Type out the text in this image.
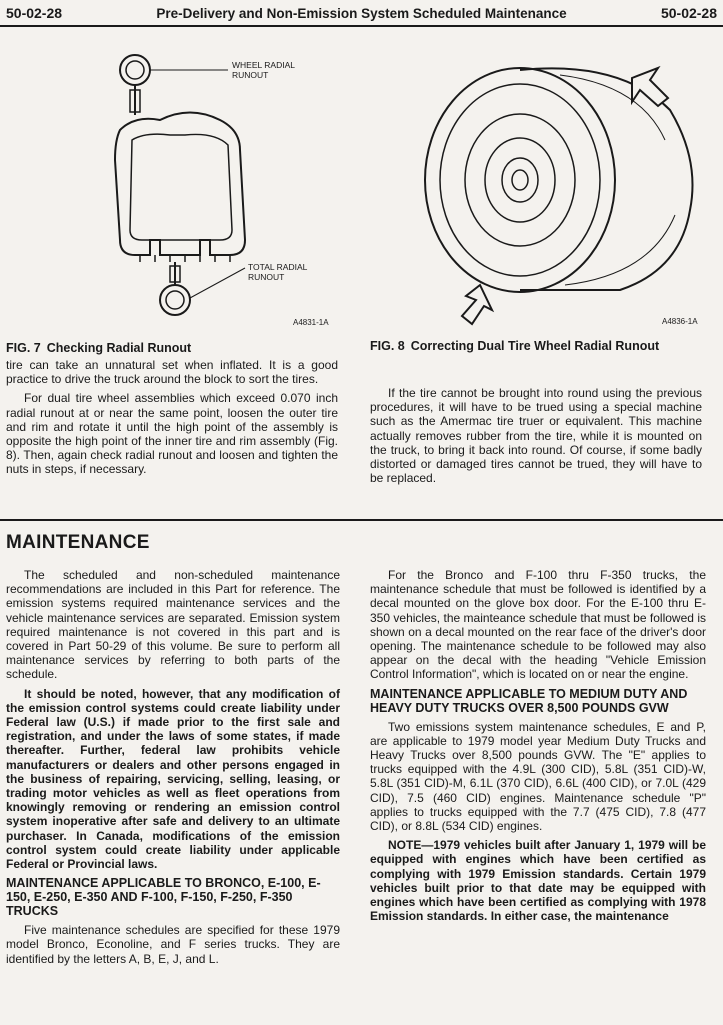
50-02-28	Pre-Delivery and Non-Emission System Scheduled Maintenance	50-02-28
WHEEL RADIAL
RUNOUT
TOTAL RADIAL
RUNOUT
A4831-1A	A4836-1A
FIG. 7 Checking Radial Runout	FIG. 8 Correcting Dual Tire Wheel Radial Runout

tire can take an unnatural set when inflated. It is a good practice to drive the truck around the block to sort the tires.

For dual tire wheel assemblies which exceed 0.070 inch radial runout at or near the same point, loosen the outer tire and rim and rotate it until the high point of the assembly is opposite the high point of the inner tire and rim assembly (Fig. 8). Then, again check radial runout and loosen and tighten the nuts in steps, if necessary.

If the tire cannot be brought into round using the previous procedures, it will have to be trued using a special machine such as the Amermac tire truer or equivalent. This machine actually removes rubber from the tire, while it is mounted on the truck, to bring it back into round. Of course, if some badly distorted or damaged tires cannot be trued, they will have to be replaced.

MAINTENANCE

The scheduled and non-scheduled maintenance recommendations are included in this Part for reference. The emission systems required maintenance services and the vehicle maintenance services are separated. Emission system required maintenance is not covered in this part and is covered in Part 50-29 of this volume. Be sure to perform all maintenance services by referring to both parts of the schedule.

It should be noted, however, that any modification of the emission control systems could create liability under Federal law (U.S.) if made prior to the first sale and registration, and under the laws of some states, if made thereafter. Further, federal law prohibits vehicle manufacturers or dealers and other persons engaged in the business of repairing, servicing, selling, leasing, or trading motor vehicles as well as fleet operations from knowingly removing or rendering an emission control system inoperative after safe and delivery to an ultimate purchaser. In Canada, modifications of the emission control system could create liability under applicable Federal or Provincial laws.

MAINTENANCE APPLICABLE TO BRONCO, E-100, E-150, E-250, E-350 AND F-100, F-150, F-250, F-350 TRUCKS

Five maintenance schedules are specified for these 1979 model Bronco, Econoline, and F series trucks. They are identified by the letters A, B, E, J, and L.

For the Bronco and F-100 thru F-350 trucks, the maintenance schedule that must be followed is identified by a decal mounted on the glove box door. For the E-100 thru E-350 vehicles, the mainteance schedule that must be followed is shown on a decal mounted on the rear face of the driver's door opening. The maintenance schedule to be followed may also appear on the decal with the heading "Vehicle Emission Control Information", which is located on or near the engine.

MAINTENANCE APPLICABLE TO MEDIUM DUTY AND HEAVY DUTY TRUCKS OVER 8,500 POUNDS GVW

Two emissions system maintenance schedules, E and P, are applicable to 1979 model year Medium Duty Trucks and Heavy Trucks over 8,500 pounds GVW. The "E" applies to trucks equipped with the 4.9L (300 CID), 5.8L (351 CID)-W, 5.8L (351 CID)-M, 6.1L (370 CID), 6.6L (400 CID), or 7.0L (429 CID), 7.5 (460 CID) engines. Maintenance schedule "P" applies to trucks equipped with the 7.7 (475 CID), 7.8 (477 CID), or 8.8L (534 CID) engines.

NOTE—1979 vehicles built after January 1, 1979 will be equipped with engines which have been certified as complying with 1979 Emission standards. Certain 1979 vehicles built prior to that date may be equipped with engines which have been certified as complying with 1978 Emission standards. In either case, the maintenance
